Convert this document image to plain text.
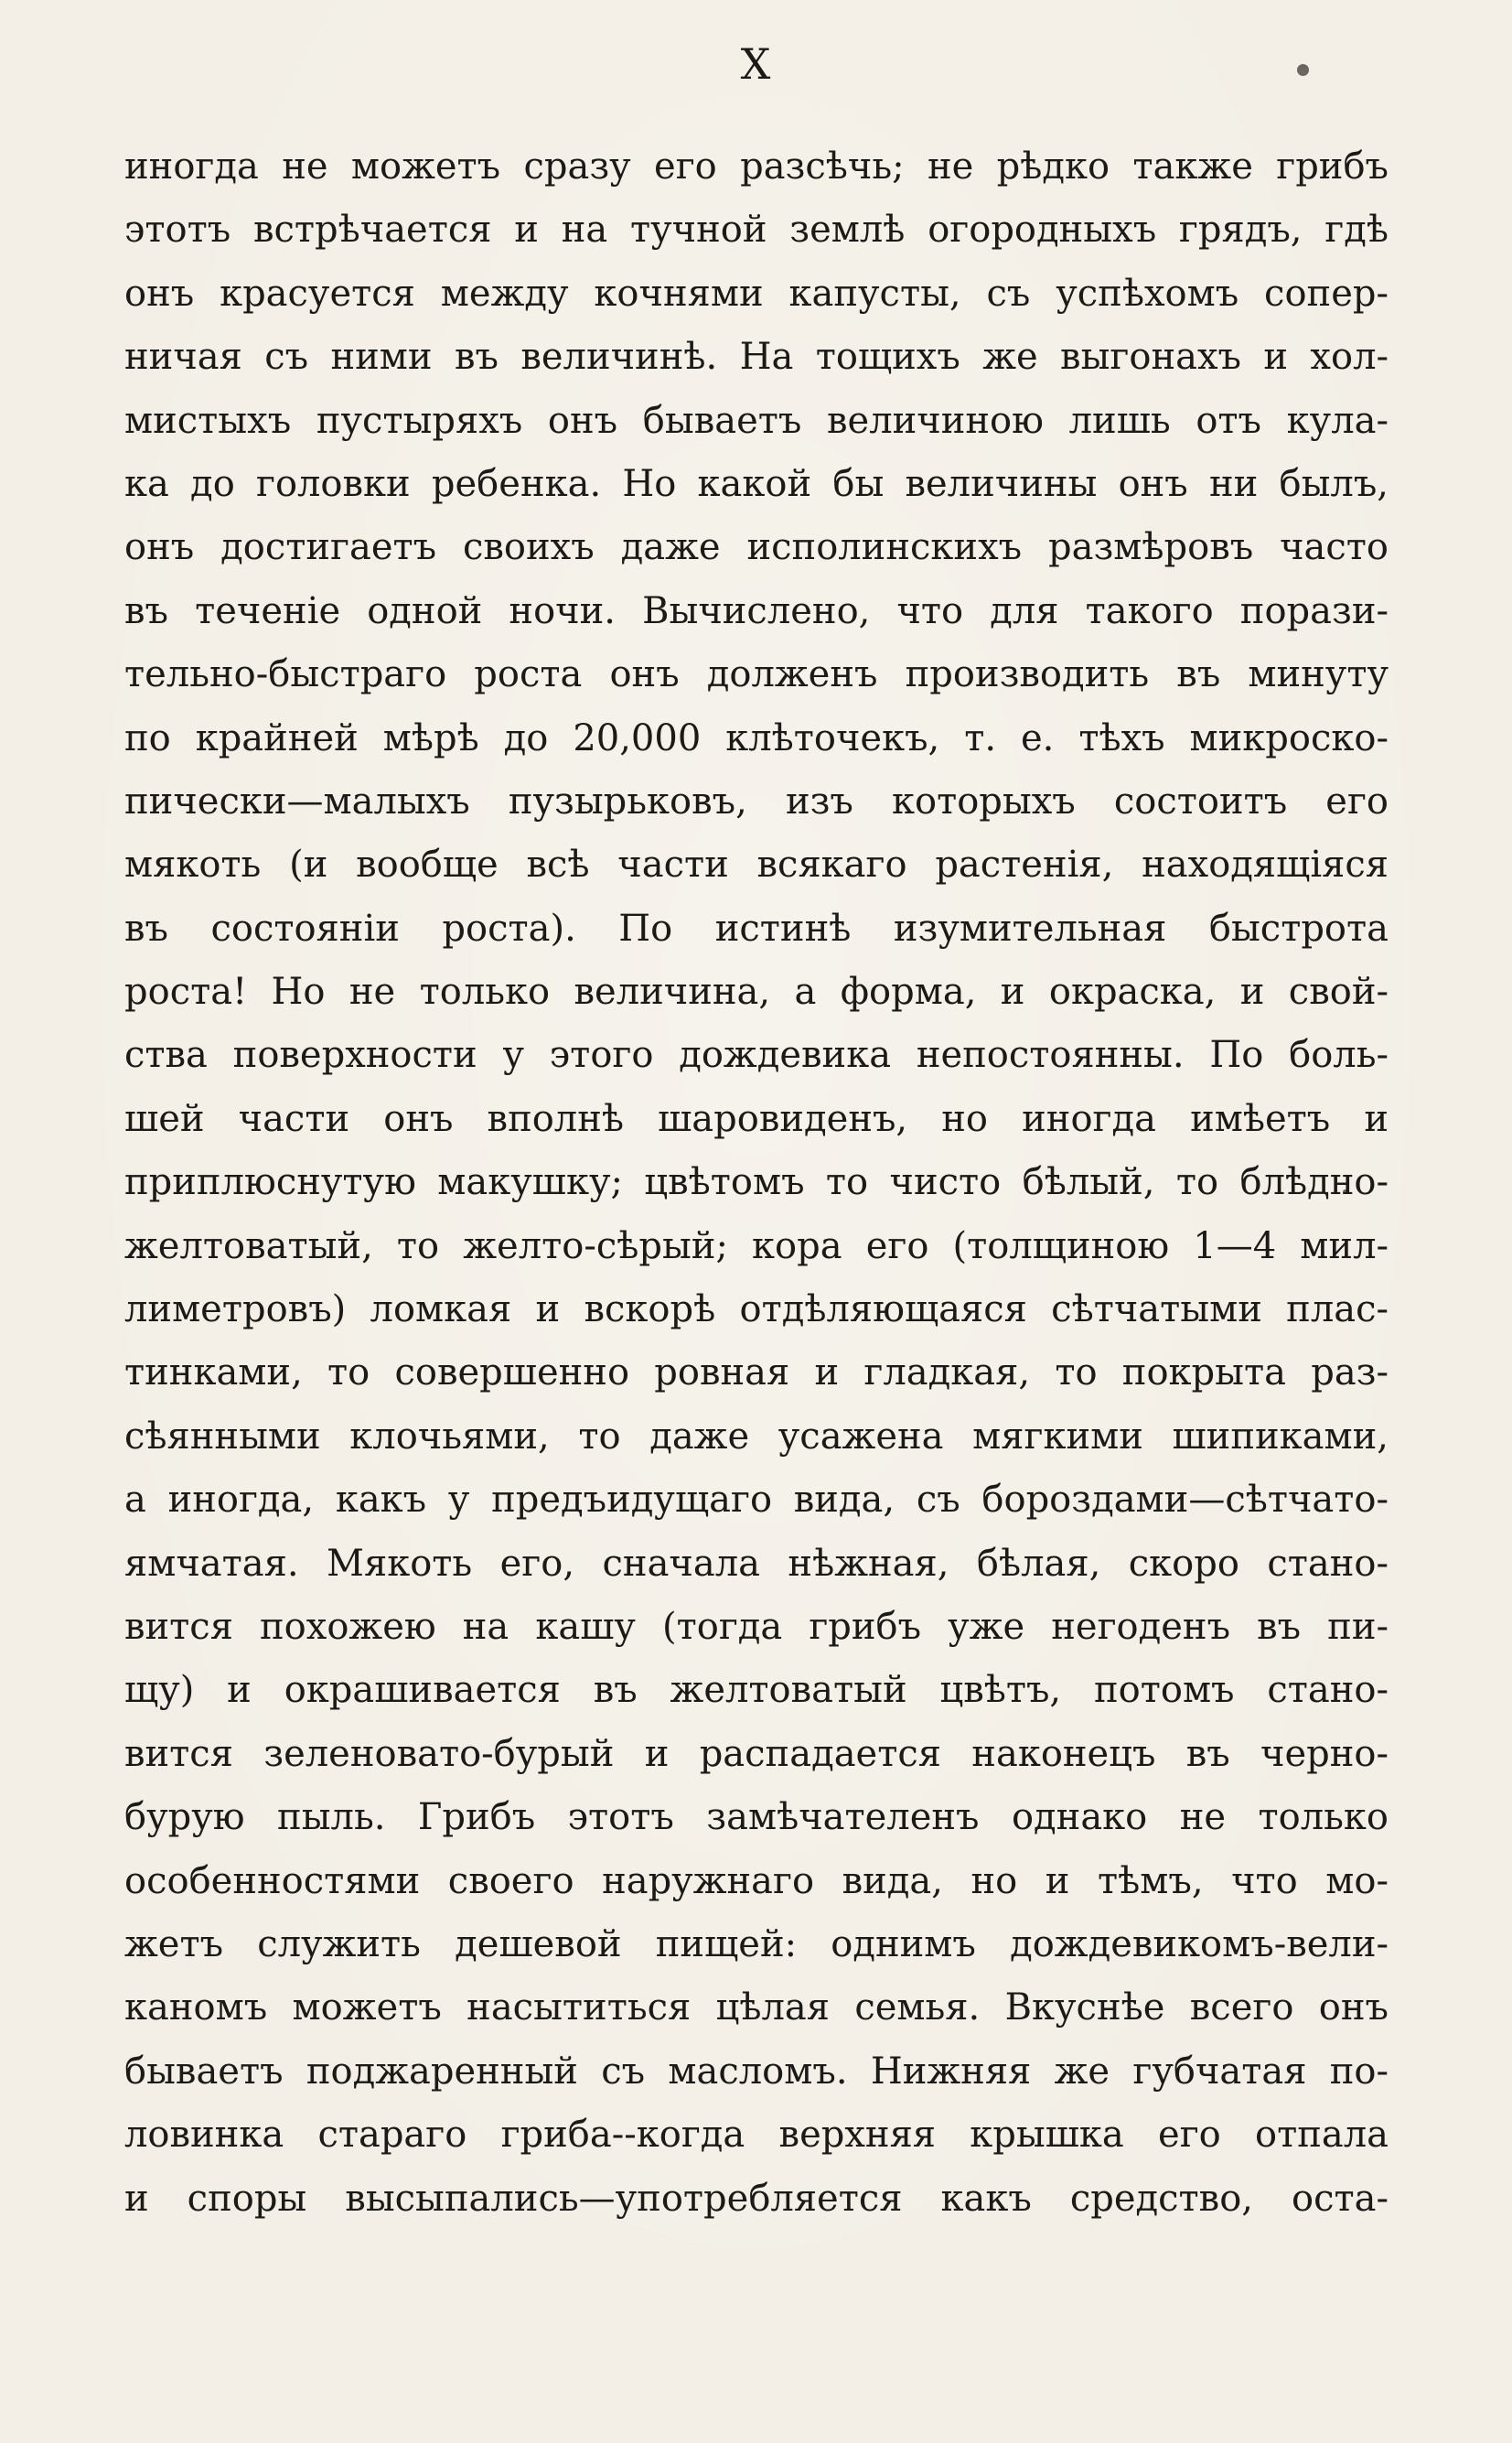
X
иногда не можетъ сразу его разсѣчь; не рѣдко также грибъ
этотъ встрѣчается и на тучной землѣ огородныхъ грядъ, гдѣ
онъ красуется между кочнями капусты, съ успѣхомъ сопер-
ничая съ ними въ величинѣ. На тощихъ же выгонахъ и хол-
мистыхъ пустыряхъ онъ бываетъ величиною лишь отъ кула-
ка до головки ребенка. Но какой бы величины онъ ни былъ,
онъ достигаетъ своихъ даже исполинскихъ размѣровъ часто
въ теченіе одной ночи. Вычислено, что для такого порази-
тельно-быстраго роста онъ долженъ производить въ минуту
по крайней мѣрѣ до 20,000 клѣточекъ, т. е. тѣхъ микроско-
пически—малыхъ пузырьковъ, изъ которыхъ состоитъ его
мякоть (и вообще всѣ части всякаго растенія, находящіяся
въ состояніи роста). По истинѣ изумительная быстрота
роста! Но не только величина, а форма, и окраска, и свой-
ства поверхности у этого дождевика непостоянны. По боль-
шей части онъ вполнѣ шаровиденъ, но иногда имѣетъ и
приплюснутую макушку; цвѣтомъ то чисто бѣлый, то блѣдно-
желтоватый, то желто-сѣрый; кора его (толщиною 1—4 мил-
лиметровъ) ломкая и вскорѣ отдѣляющаяся сѣтчатыми плас-
тинками, то совершенно ровная и гладкая, то покрыта раз-
сѣянными клочьями, то даже усажена мягкими шипиками,
а иногда, какъ у предъидущаго вида, съ бороздами—сѣтчато-
ямчатая. Мякоть его, сначала нѣжная, бѣлая, скоро стано-
вится похожею на кашу (тогда грибъ уже негоденъ въ пи-
щу) и окрашивается въ желтоватый цвѣтъ, потомъ стано-
вится зеленовато-бурый и распадается наконецъ въ черно-
бурую пыль. Грибъ этотъ замѣчателенъ однако не только
особенностями своего наружнаго вида, но и тѣмъ, что мо-
жетъ служить дешевой пищей: однимъ дождевикомъ-вели-
каномъ можетъ насытиться цѣлая семья. Вкуснѣе всего онъ
бываетъ поджаренный съ масломъ. Нижняя же губчатая по-
ловинка стараго гриба--когда верхняя крышка его отпала
и споры высыпались—употребляется какъ средство, оста-
